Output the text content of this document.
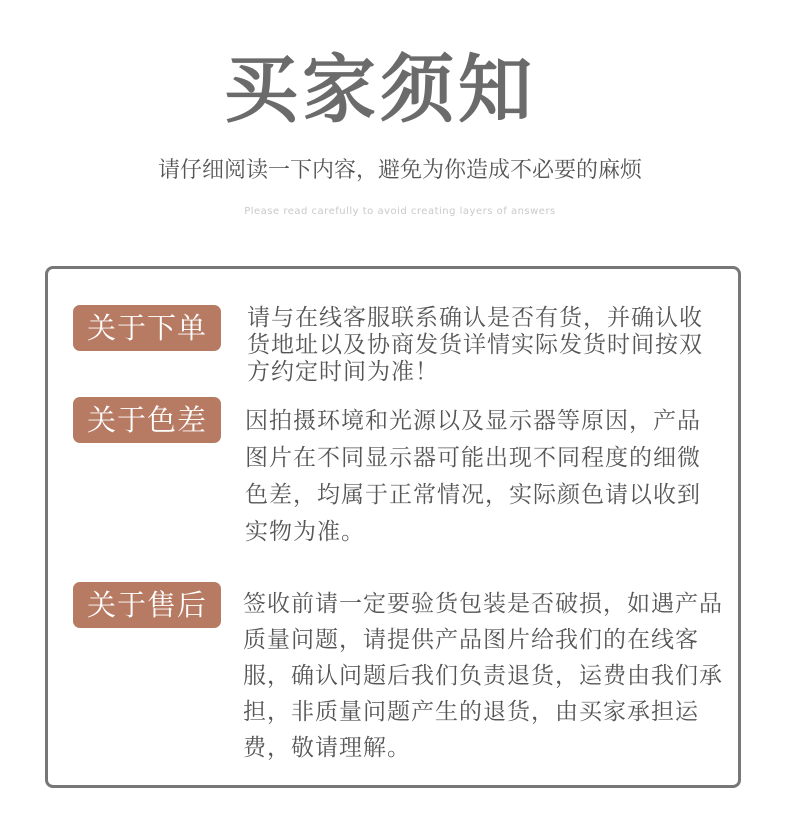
买家须知
请仔细阅读一下内容，避免为你造成不必要的麻烦
Please read carefully to avoid creating layers of answers
关于下单	请与在线客服联系确认是否有货，并确认收货地址以及协商发货详情实际发货时间按双方约定时间为准！
关于色差	因拍摄环境和光源以及显示器等原因，产品图片在不同显示器可能出现不同程度的细微色差，均属于正常情况，实际颜色请以收到实物为准。
关于售后	签收前请一定要验货包装是否破损，如遇产品质量问题，请提供产品图片给我们的在线客服，确认问题后我们负责退货，运费由我们承担，非质量问题产生的退货，由买家承担运费，敬请理解。
